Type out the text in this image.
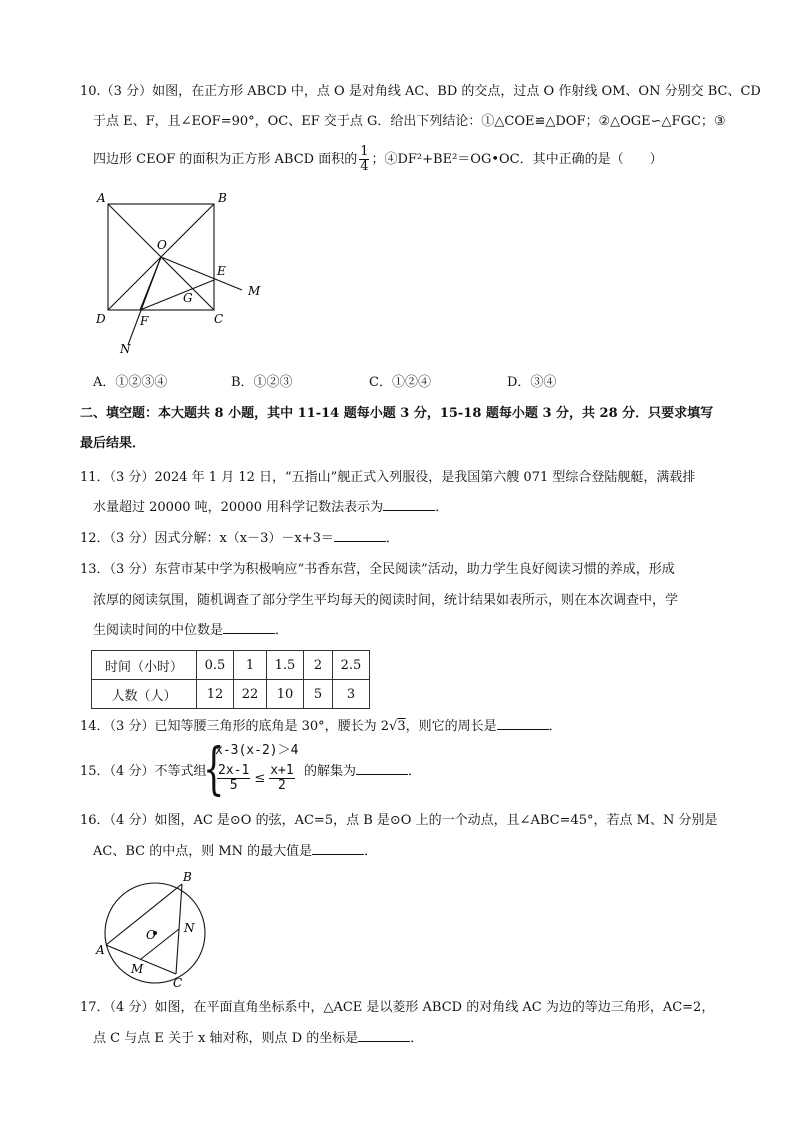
10.（3 分）如图，在正方形 ABCD 中，点 O 是对角线 AC、BD 的交点，过点 O 作射线 OM、ON 分别交 BC、CD
于点 E、F，且∠EOF=90°，OC、EF 交于点 G．给出下列结论：①△COE≌△DOF；②△OGE∽△FGC；③
四边形 CEOF 的面积为正方形 ABCD 面积的 $\frac{1}{4}$ ；④DF²+BE²＝OG•OC．其中正确的是（　　）
A	B
O
E
M
G
D	F	C
N
A．①②③④	B．①②③	C．①②④	D．③④
二、填空题：本大题共 8 小题，其中 11-14 题每小题 3 分，15-18 题每小题 3 分，共 28 分．只要求填写
最后结果．
11．（3 分）2024 年 1 月 12 日，“五指山”舰正式入列服役，是我国第六艘 071 型综合登陆舰艇，满载排
水量超过 20000 吨，20000 用科学记数法表示为	．
12．（3 分）因式分解：x（x－3）－x+3＝	．
13．（3 分）东营市某中学为积极响应“书香东营，全民阅读”活动，助力学生良好阅读习惯的养成，形成
浓厚的阅读氛围，随机调查了部分学生平均每天的阅读时间，统计结果如表所示，则在本次调查中，学
生阅读时间的中位数是	．
时间（小时）	0.5	1	1.5	2	2.5
人数（人）	12	22	10	5	3
14．（3 分）已知等腰三角形的底角是 30°，腰长为 2√3，则它的周长是	．
15．（4 分）不等式组
{
x-3(x-2)＞4
$\frac{2x-1}{5} \le \frac{x+1}{2}$ 的解集为	．
16．（4 分）如图，AC 是⊙O 的弦，AC=5，点 B 是⊙O 上的一个动点，且∠ABC=45°，若点 M、N 分别是
AC、BC 的中点，则 MN 的最大值是	．
B
O N
A
M
C
17．（4 分）如图，在平面直角坐标系中，△ACE 是以菱形 ABCD 的对角线 AC 为边的等边三角形，AC=2，
点 C 与点 E 关于 x 轴对称，则点 D 的坐标是	．
